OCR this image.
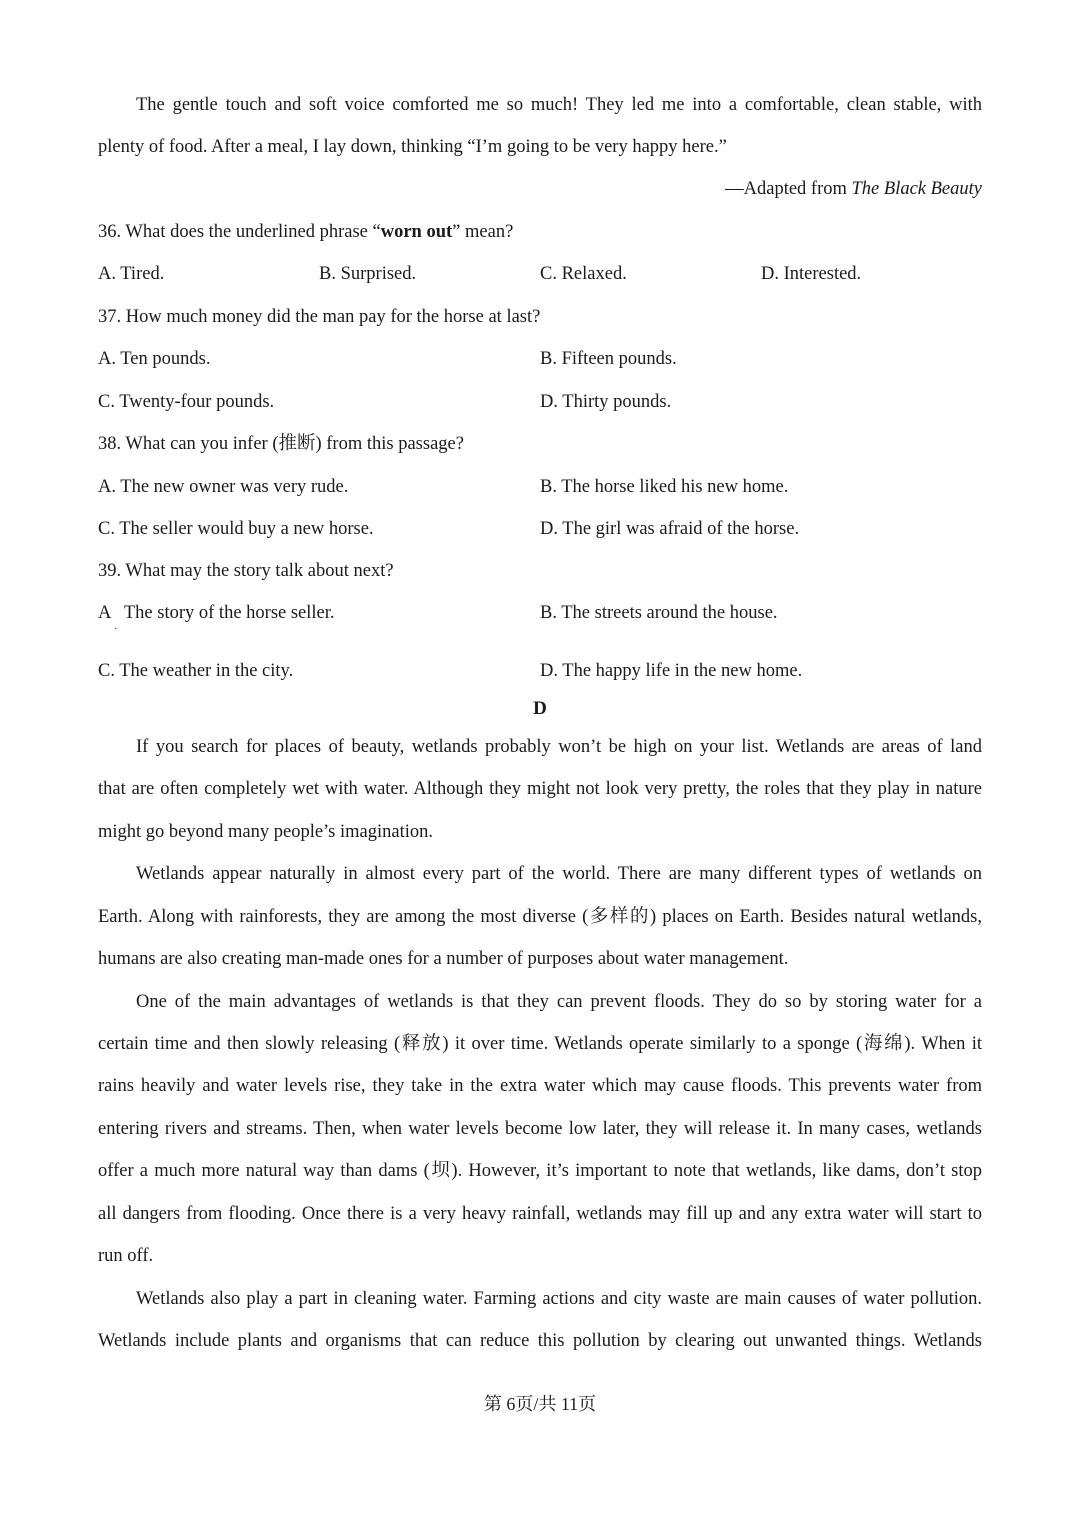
The gentle touch and soft voice comforted me so much! They led me into a comfortable, clean stable, with
plenty of food. After a meal, I lay down, thinking “I’m going to be very happy here.”
—Adapted from The Black Beauty
36. What does the underlined phrase “worn out” mean?
A. Tired.	B. Surprised.	C. Relaxed.	D. Interested.
37. How much money did the man pay for the horse at last?
A. Ten pounds.	B. Fifteen pounds.
C. Twenty-four pounds.	D. Thirty pounds.
38. What can you infer (推断) from this passage?
A. The new owner was very rude.	B. The horse liked his new home.
C. The seller would buy a new horse.	D. The girl was afraid of the horse.
39. What may the story talk about next?
A   The story of the horse seller.
·
B. The streets around the house.
C. The weather in the city.	D. The happy life in the new home.
D
If you search for places of beauty, wetlands probably won’t be high on your list. Wetlands are areas of land
that are often completely wet with water. Although they might not look very pretty, the roles that they play in nature
might go beyond many people’s imagination.
Wetlands appear naturally in almost every part of the world. There are many different types of wetlands on
Earth. Along with rainforests, they are among the most diverse (多样的) places on Earth. Besides natural wetlands,
humans are also creating man-made ones for a number of purposes about water management.
One of the main advantages of wetlands is that they can prevent floods. They do so by storing water for a
certain time and then slowly releasing (释放) it over time. Wetlands operate similarly to a sponge (海绵). When it
rains heavily and water levels rise, they take in the extra water which may cause floods. This prevents water from
entering rivers and streams. Then, when water levels become low later, they will release it. In many cases, wetlands
offer a much more natural way than dams (坝). However, it’s important to note that wetlands, like dams, don’t stop
all dangers from flooding. Once there is a very heavy rainfall, wetlands may fill up and any extra water will start to
run off.
Wetlands also play a part in cleaning water. Farming actions and city waste are main causes of water pollution.
Wetlands include plants and organisms that can reduce this pollution by clearing out unwanted things. Wetlands
第 6页/共 11页
